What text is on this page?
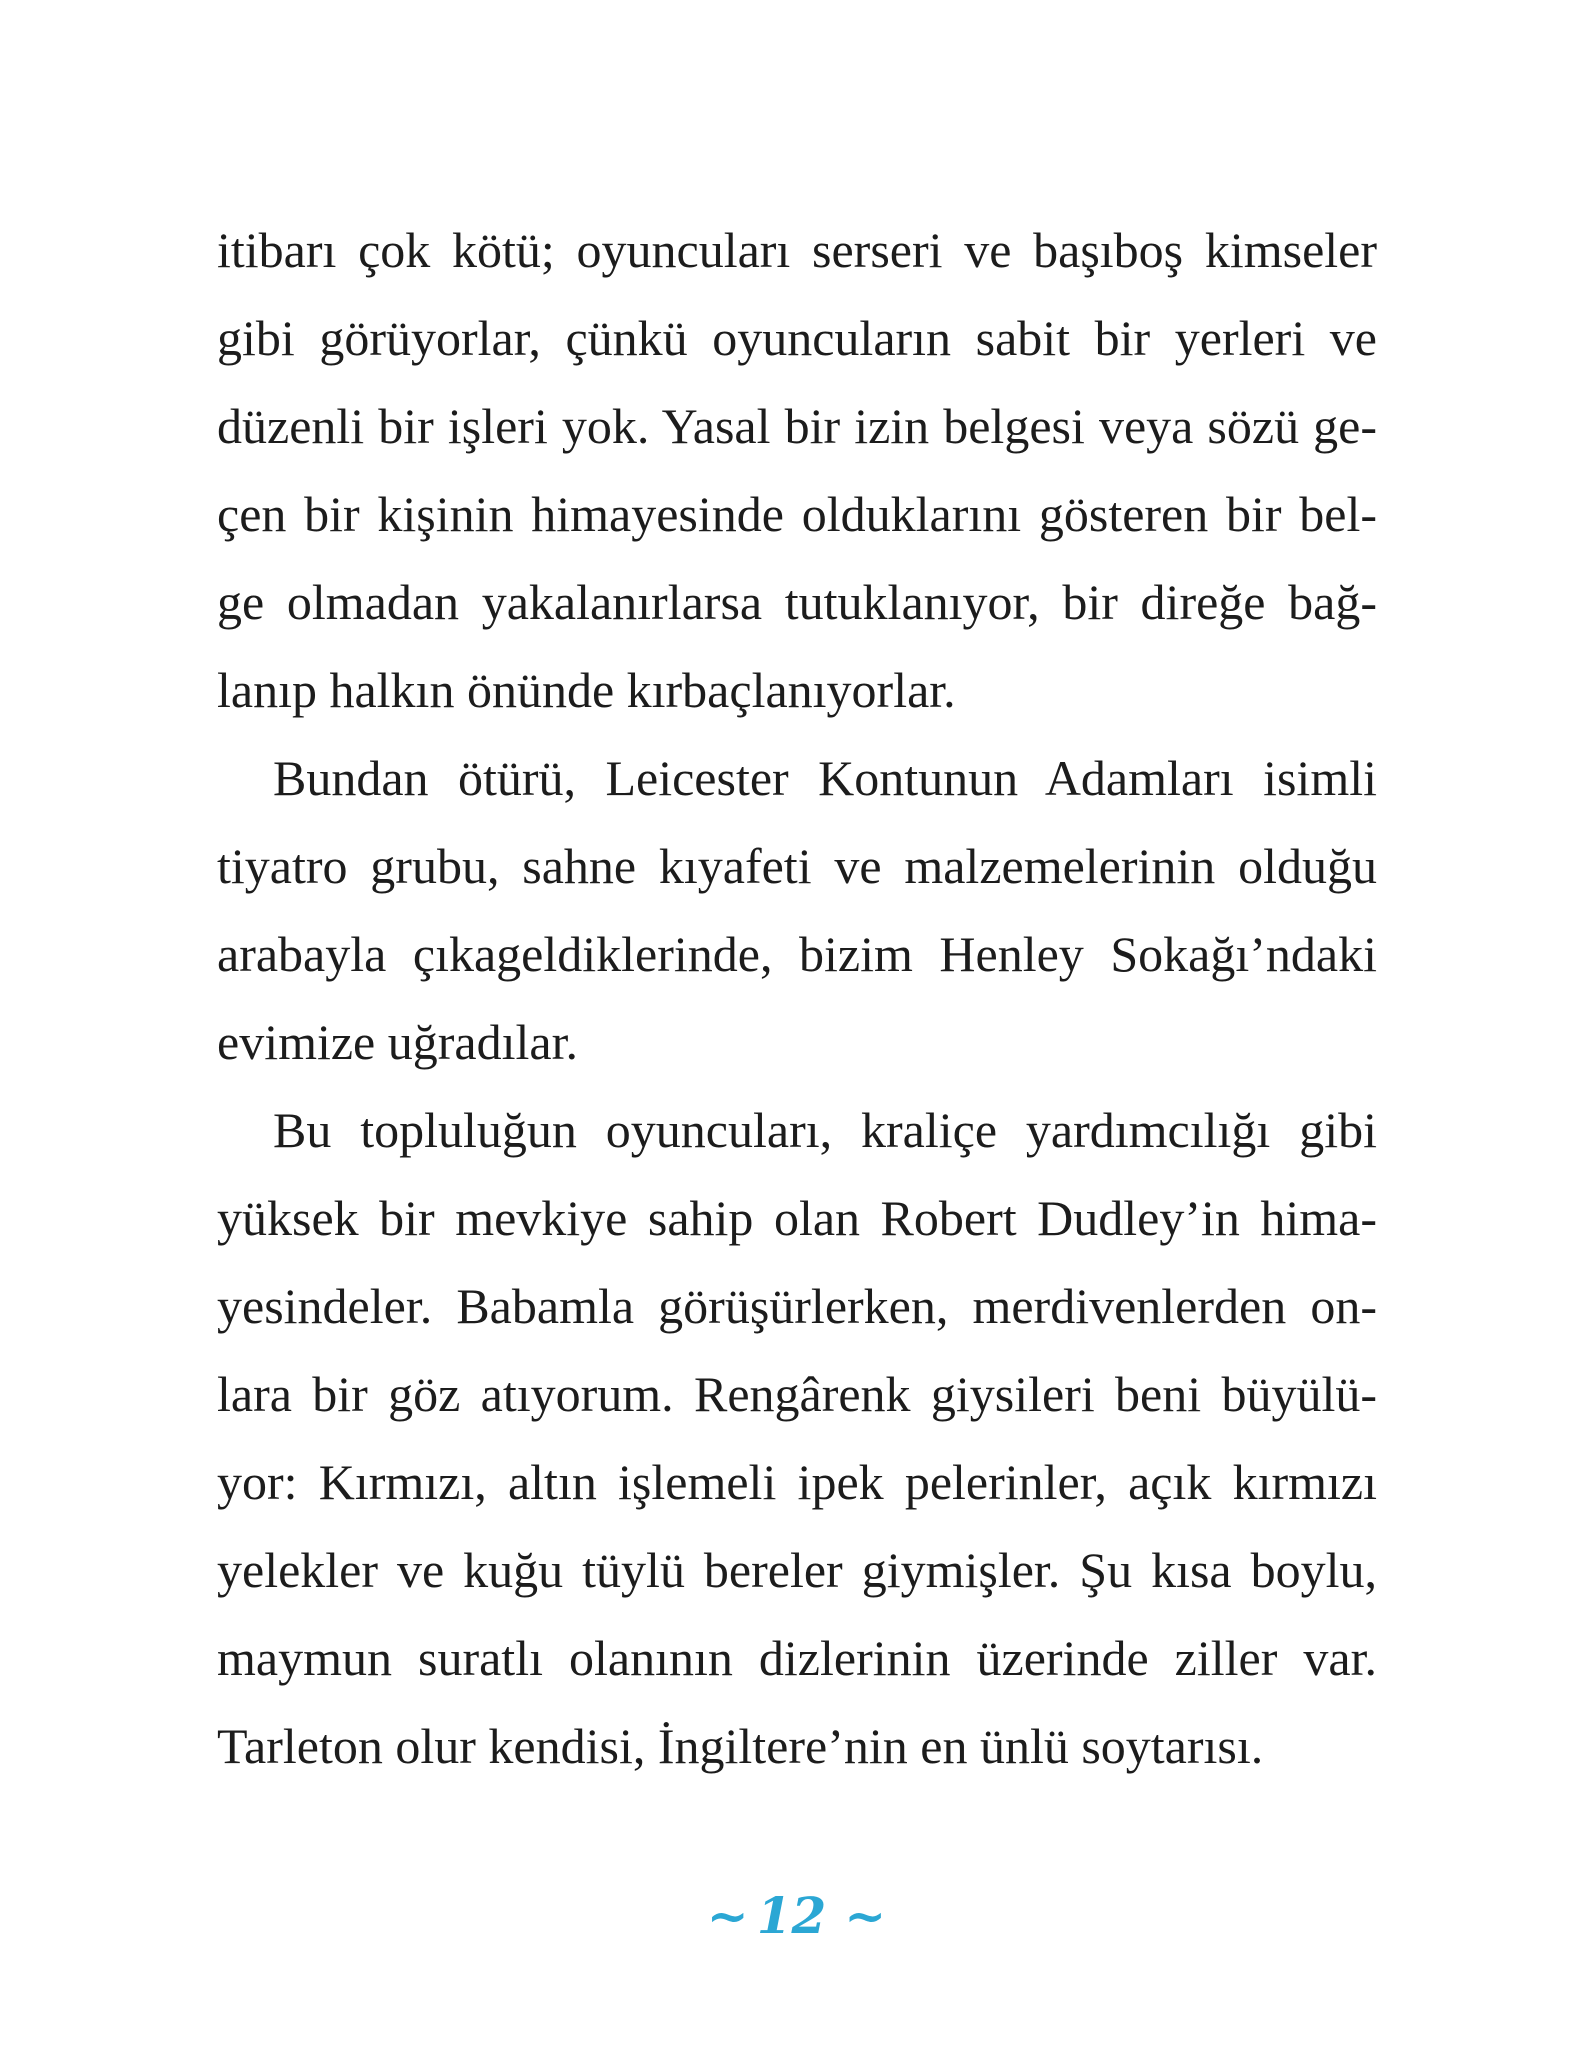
itibarı çok kötü; oyuncuları serseri ve başıboş kimseler
gibi görüyorlar, çünkü oyuncuların sabit bir yerleri ve
düzenli bir işleri yok. Yasal bir izin belgesi veya sözü ge-
çen bir kişinin himayesinde olduklarını gösteren bir bel-
ge olmadan yakalanırlarsa tutuklanıyor, bir direğe bağ-
lanıp halkın önünde kırbaçlanıyorlar.
Bundan ötürü, Leicester Kontunun Adamları isimli
tiyatro grubu, sahne kıyafeti ve malzemelerinin olduğu
arabayla çıkageldiklerinde, bizim Henley Sokağı’ndaki
evimize uğradılar.
Bu topluluğun oyuncuları, kraliçe yardımcılığı gibi
yüksek bir mevkiye sahip olan Robert Dudley’in hima-
yesindeler. Babamla görüşürlerken, merdivenlerden on-
lara bir göz atıyorum. Rengârenk giysileri beni büyülü-
yor: Kırmızı, altın işlemeli ipek pelerinler, açık kırmızı
yelekler ve kuğu tüylü bereler giymişler. Şu kısa boylu,
maymun suratlı olanının dizlerinin üzerinde ziller var.
Tarleton olur kendisi, İngiltere’nin en ünlü soytarısı.
~ 12 ~
